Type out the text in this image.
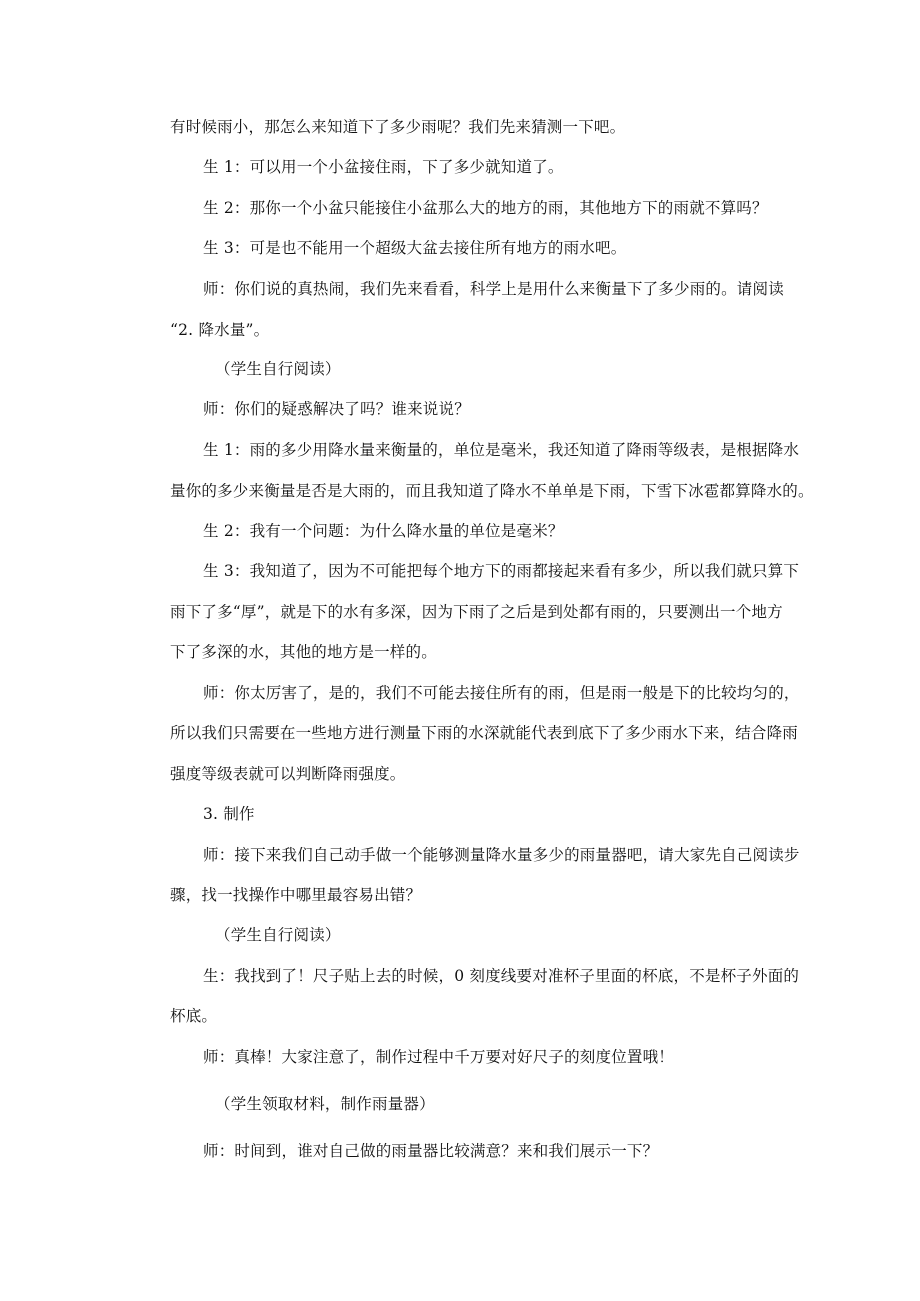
有时候雨小，那怎么来知道下了多少雨呢？我们先来猜测一下吧。
生 1：可以用一个小盆接住雨，下了多少就知道了。
生 2：那你一个小盆只能接住小盆那么大的地方的雨，其他地方下的雨就不算吗？
生 3：可是也不能用一个超级大盆去接住所有地方的雨水吧。
师：你们说的真热闹，我们先来看看，科学上是用什么来衡量下了多少雨的。请阅读
“2. 降水量”。
（学生自行阅读）
师：你们的疑惑解决了吗？谁来说说？
生 1：雨的多少用降水量来衡量的，单位是毫米，我还知道了降雨等级表，是根据降水
量你的多少来衡量是否是大雨的，而且我知道了降水不单单是下雨，下雪下冰雹都算降水的。
生 2：我有一个问题：为什么降水量的单位是毫米？
生 3：我知道了，因为不可能把每个地方下的雨都接起来看有多少，所以我们就只算下
雨下了多“厚”，就是下的水有多深，因为下雨了之后是到处都有雨的，只要测出一个地方
下了多深的水，其他的地方是一样的。
师：你太厉害了，是的，我们不可能去接住所有的雨，但是雨一般是下的比较均匀的，
所以我们只需要在一些地方进行测量下雨的水深就能代表到底下了多少雨水下来，结合降雨
强度等级表就可以判断降雨强度。
3. 制作
师：接下来我们自己动手做一个能够测量降水量多少的雨量器吧，请大家先自己阅读步
骤，找一找操作中哪里最容易出错？
（学生自行阅读）
生：我找到了！尺子贴上去的时候，0 刻度线要对准杯子里面的杯底，不是杯子外面的
杯底。
师：真棒！大家注意了，制作过程中千万要对好尺子的刻度位置哦！
（学生领取材料，制作雨量器）
师：时间到，谁对自己做的雨量器比较满意？来和我们展示一下？
